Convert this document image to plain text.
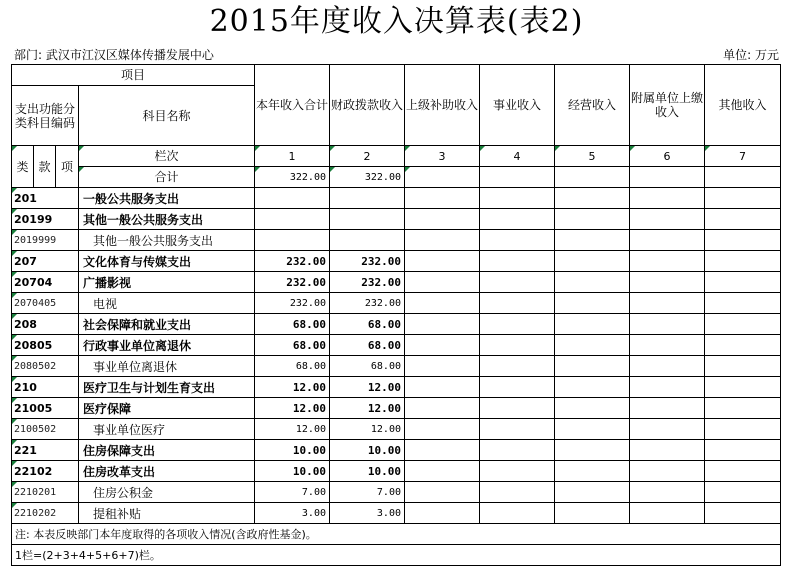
2015年度收入决算表(表2)
部门: 武汉市江汉区媒体传播发展中心	单位: 万元
项目				本年收入合计	财政拨款收入	上级补助收入	事业收入	经营收入	附属单位上缴收入	其他收入
支出功能分类科目编码			科目名称							

类	款	项	栏次	1	2	3	4	5	6	7
			合计	322.00	322.00					
201			一般公共服务支出							
20199			其他一般公共服务支出							
2019999			其他一般公共服务支出							
207			文化体育与传媒支出	232.00	232.00					
20704			广播影视	232.00	232.00					
2070405			电视	232.00	232.00					
208			社会保障和就业支出	68.00	68.00					
20805			行政事业单位离退休	68.00	68.00					
2080502			事业单位离退休	68.00	68.00					
210			医疗卫生与计划生育支出	12.00	12.00					
21005			医疗保障	12.00	12.00					
2100502			事业单位医疗	12.00	12.00					
221			住房保障支出	10.00	10.00					
22102			住房改革支出	10.00	10.00					
2210201			住房公积金	7.00	7.00					
2210202			提租补贴	3.00	3.00					
注: 本表反映部门本年度取得的各项收入情况(含政府性基金)。										
1栏=(2+3+4+5+6+7)栏。										
